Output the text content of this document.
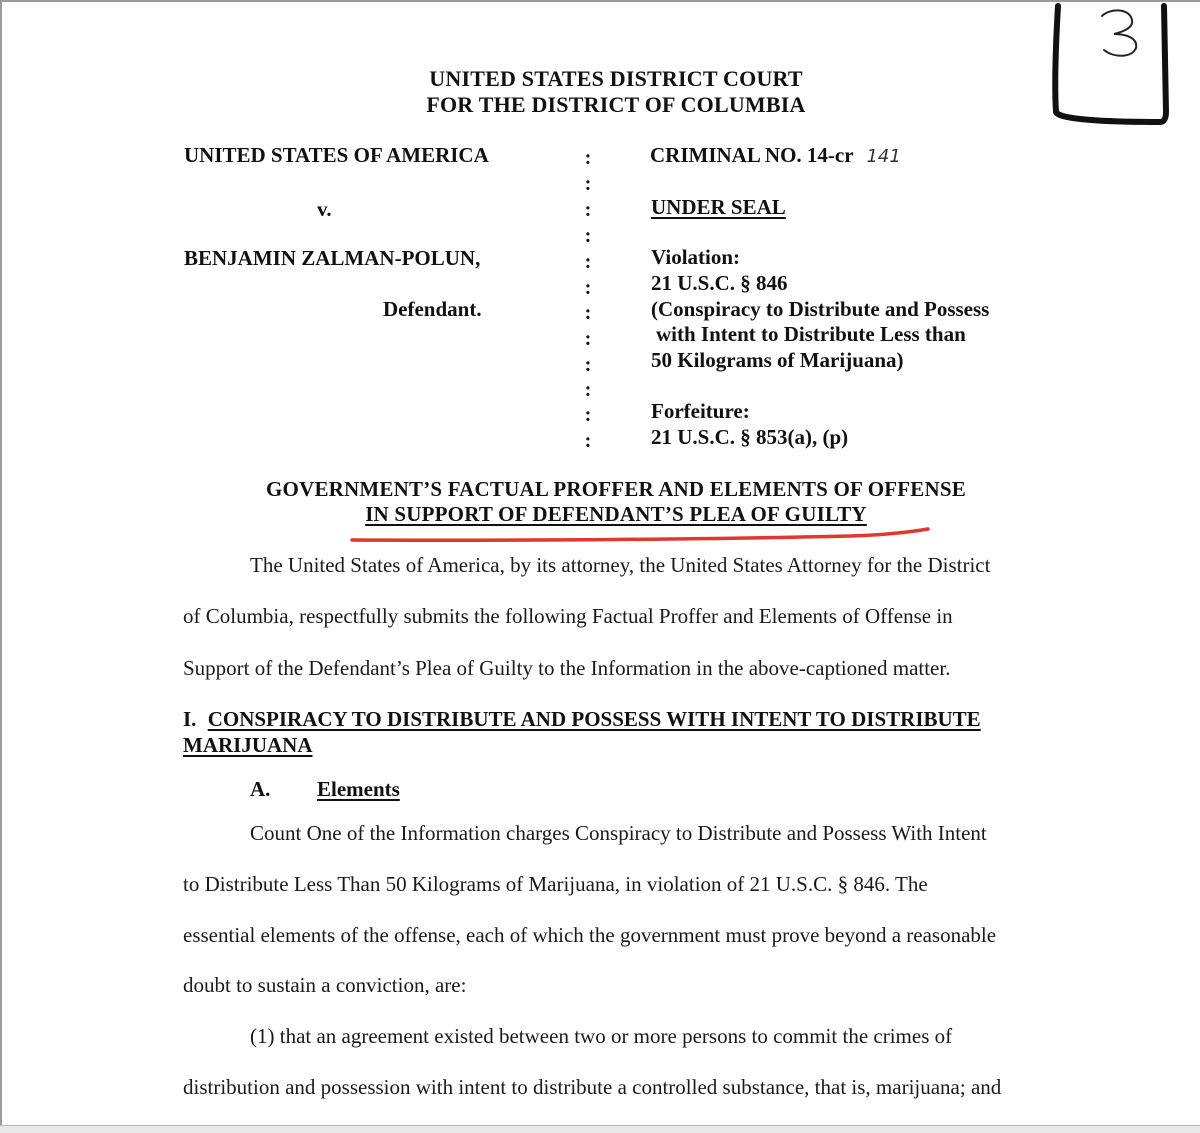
UNITED STATES DISTRICT COURT
FOR THE DISTRICT OF COLUMBIA
UNITED STATES OF AMERICA
v.
BENJAMIN ZALMAN-POLUN,
Defendant.
:
:
:
:
:
:
:
:
:
:
:
:
CRIMINAL NO. 14-cr 141
UNDER SEAL
Violation:
21 U.S.C. § 846
(Conspiracy to Distribute and Possess
with Intent to Distribute Less than
50 Kilograms of Marijuana)
Forfeiture:
21 U.S.C. § 853(a), (p)
GOVERNMENT’S FACTUAL PROFFER AND ELEMENTS OF OFFENSE
IN SUPPORT OF DEFENDANT’S PLEA OF GUILTY
The United States of America, by its attorney, the United States Attorney for the District
of Columbia, respectfully submits the following Factual Proffer and Elements of Offense in
Support of the Defendant’s Plea of Guilty to the Information in the above-captioned matter.
I. CONSPIRACY TO DISTRIBUTE AND POSSESS WITH INTENT TO DISTRIBUTE
MARIJUANA
A. Elements
Count One of the Information charges Conspiracy to Distribute and Possess With Intent
to Distribute Less Than 50 Kilograms of Marijuana, in violation of 21 U.S.C. § 846. The
essential elements of the offense, each of which the government must prove beyond a reasonable
doubt to sustain a conviction, are:
(1) that an agreement existed between two or more persons to commit the crimes of
distribution and possession with intent to distribute a controlled substance, that is, marijuana; and
